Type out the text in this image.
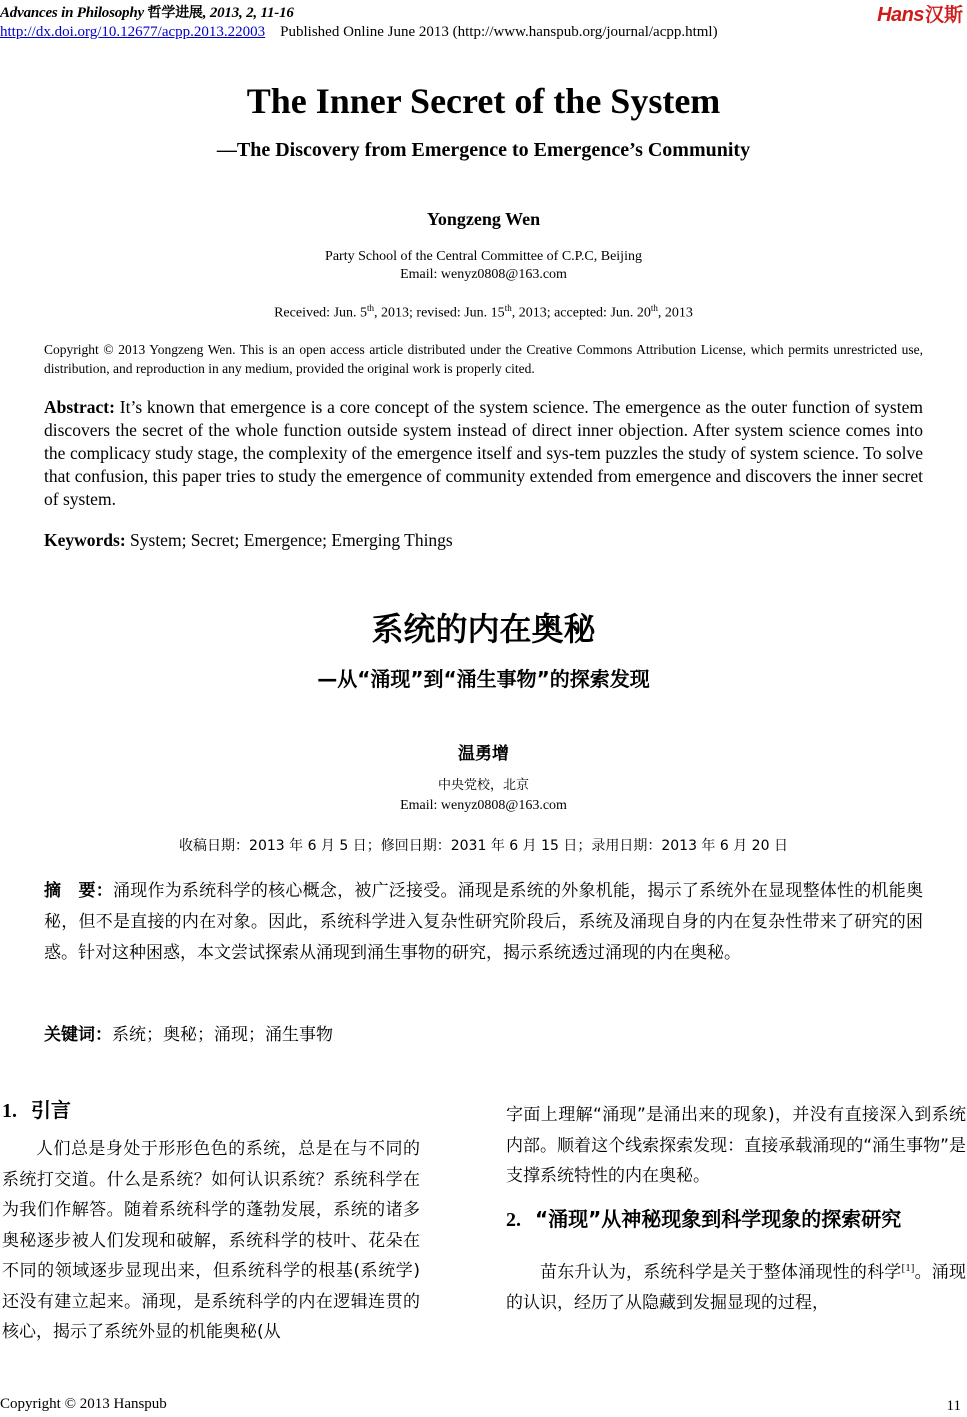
Advances in Philosophy 哲学进展, 2013, 2, 11-16
http://dx.doi.org/10.12677/acpp.2013.22003 Published Online June 2013 (http://www.hanspub.org/journal/acpp.html)
Hans 汉斯
The Inner Secret of the System
—The Discovery from Emergence to Emergence’s Community
Yongzeng Wen
Party School of the Central Committee of C.P.C, Beijing
Email: wenyz0808@163.com
Received: Jun. 5th, 2013; revised: Jun. 15th, 2013; accepted: Jun. 20th, 2013
Copyright © 2013 Yongzeng Wen. This is an open access article distributed under the Creative Commons Attribution License, which permits unrestricted use, distribution, and reproduction in any medium, provided the original work is properly cited.
Abstract: It’s known that emergence is a core concept of the system science. The emergence as the outer function of system discovers the secret of the whole function outside system instead of direct inner objection. After system science comes into the complicacy study stage, the complexity of the emergence itself and sys-tem puzzles the study of system science. To solve that confusion, this paper tries to study the emergence of community extended from emergence and discovers the inner secret of system.
Keywords: System; Secret; Emergence; Emerging Things
系统的内在奥秘
—从“涌现”到“涌生事物”的探索发现
温勇增
中央党校，北京
Email: wenyz0808@163.com
收稿日期：2013 年 6 月 5 日；修回日期：2031 年 6 月 15 日；录用日期：2013 年 6 月 20 日
摘　要：涌现作为系统科学的核心概念，被广泛接受。涌现是系统的外象机能，揭示了系统外在显现整体性的机能奥秘，但不是直接的内在对象。因此，系统科学进入复杂性研究阶段后，系统及涌现自身的内在复杂性带来了研究的困惑。针对这种困惑，本文尝试探索从涌现到涌生事物的研究，揭示系统透过涌现的内在奥秘。
关键词：系统；奥秘；涌现；涌生事物
1. 引言

人们总是身处于形形色色的系统，总是在与不同的系统打交道。什么是系统？如何认识系统？系统科学在为我们作解答。随着系统科学的蓬勃发展，系统的诸多奥秘逐步被人们发现和破解，系统科学的枝叶、花朵在不同的领域逐步显现出来，但系统科学的根基(系统学)还没有建立起来。涌现，是系统科学的内在逻辑连贯的核心，揭示了系统外显的机能奥秘(从

字面上理解“涌现”是涌出来的现象)，并没有直接深入到系统内部。顺着这个线索探索发现：直接承载涌现的“涌生事物”是支撑系统特性的内在奥秘。

2. “涌现”从神秘现象到科学现象的探索研究

苗东升认为，系统科学是关于整体涌现性的科学[1]。涌现的认识，经历了从隐藏到发掘显现的过程，

Copyright © 2013 Hanspub	11
